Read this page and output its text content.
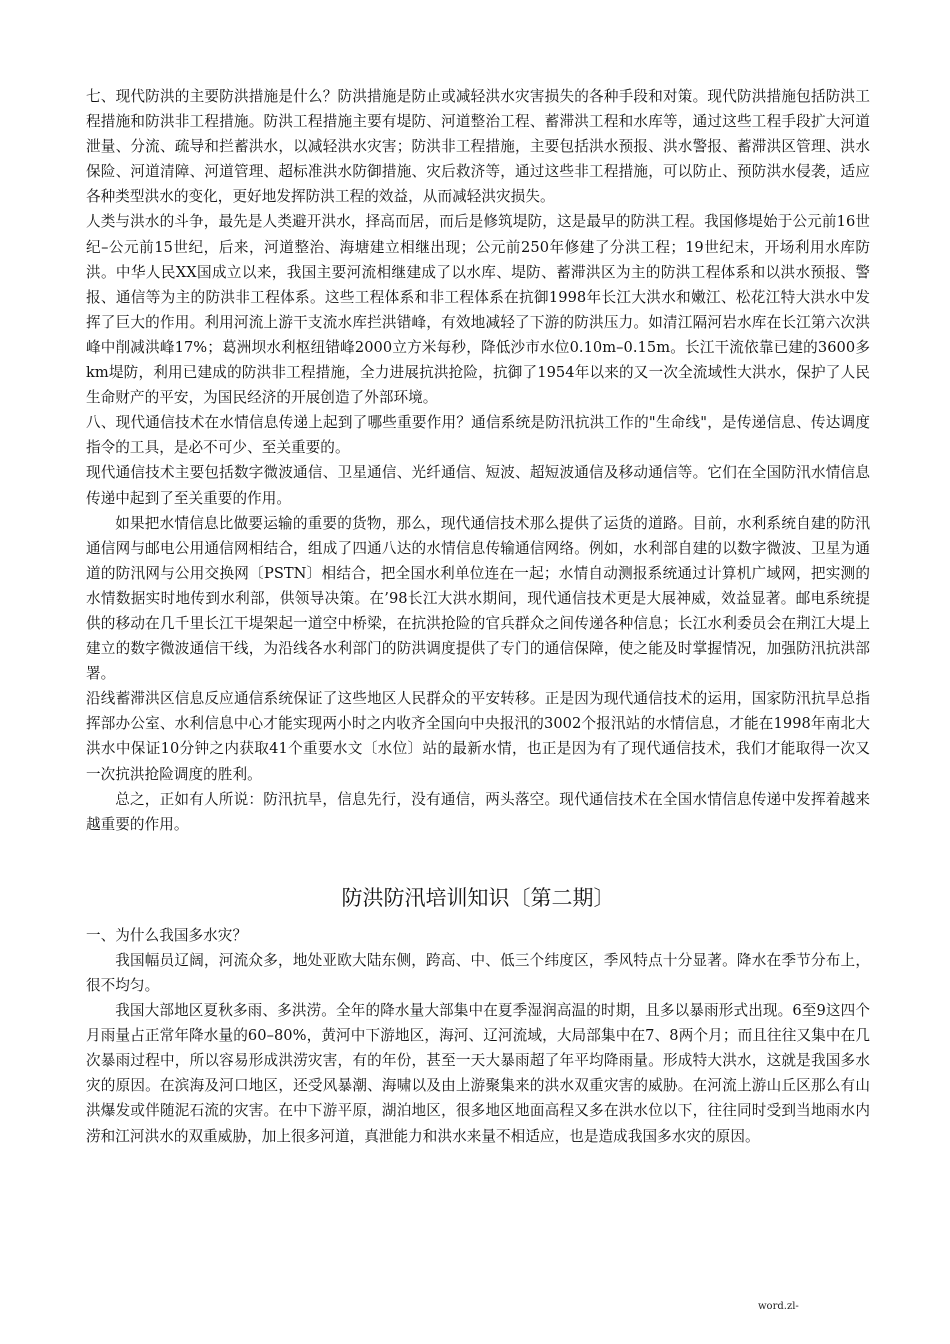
七、现代防洪的主要防洪措施是什么？防洪措施是防止或减轻洪水灾害损失的各种手段和对策。现代防洪措施包括防洪工程措施和防洪非工程措施。防洪工程措施主要有堤防、河道整治工程、蓄滞洪工程和水库等，通过这些工程手段扩大河道泄量、分流、疏导和拦蓄洪水，以减轻洪水灾害；防洪非工程措施，主要包括洪水预报、洪水警报、蓄滞洪区管理、洪水保险、河道清障、河道管理、超标准洪水防御措施、灾后救济等，通过这些非工程措施，可以防止、预防洪水侵袭，适应各种类型洪水的变化，更好地发挥防洪工程的效益，从而减轻洪灾损失。

人类与洪水的斗争，最先是人类避开洪水，择高而居，而后是修筑堤防，这是最早的防洪工程。我国修堤始于公元前16世纪–公元前15世纪，后来，河道整治、海塘建立相继出现；公元前250年修建了分洪工程；19世纪末，开场利用水库防洪。中华人民XX国成立以来，我国主要河流相继建成了以水库、堤防、蓄滞洪区为主的防洪工程体系和以洪水预报、警报、通信等为主的防洪非工程体系。这些工程体系和非工程体系在抗御1998年长江大洪水和嫩江、松花江特大洪水中发挥了巨大的作用。利用河流上游干支流水库拦洪错峰，有效地减轻了下游的防洪压力。如清江隔河岩水库在长江第六次洪峰中削减洪峰17%；葛洲坝水利枢纽错峰2000立方米每秒，降低沙市水位0.10m–0.15m。长江干流依靠已建的3600多km堤防，利用已建成的防洪非工程措施，全力进展抗洪抢险，抗御了1954年以来的又一次全流域性大洪水，保护了人民生命财产的平安，为国民经济的开展创造了外部环境。

八、现代通信技术在水情信息传递上起到了哪些重要作用？通信系统是防汛抗洪工作的"生命线"，是传递信息、传达调度指令的工具，是必不可少、至关重要的。

现代通信技术主要包括数字微波通信、卫星通信、光纤通信、短波、超短波通信及移动通信等。它们在全国防汛水情信息传递中起到了至关重要的作用。

如果把水情信息比做要运输的重要的货物，那么，现代通信技术那么提供了运货的道路。目前，水利系统自建的防汛通信网与邮电公用通信网相结合，组成了四通八达的水情信息传输通信网络。例如，水利部自建的以数字微波、卫星为通道的防汛网与公用交换网〔PSTN〕相结合，把全国水利单位连在一起；水情自动测报系统通过计算机广域网，把实测的水情数据实时地传到水利部，供领导决策。在’98长江大洪水期间，现代通信技术更是大展神威，效益显著。邮电系统提供的移动在几千里长江干堤架起一道空中桥梁，在抗洪抢险的官兵群众之间传递各种信息；长江水利委员会在荆江大堤上建立的数字微波通信干线，为沿线各水利部门的防洪调度提供了专门的通信保障，使之能及时掌握情况，加强防汛抗洪部署。

沿线蓄滞洪区信息反应通信系统保证了这些地区人民群众的平安转移。正是因为现代通信技术的运用，国家防汛抗旱总指挥部办公室、水利信息中心才能实现两小时之内收齐全国向中央报汛的3002个报汛站的水情信息，才能在1998年南北大洪水中保证10分钟之内获取41个重要水文〔水位〕站的最新水情，也正是因为有了现代通信技术，我们才能取得一次又一次抗洪抢险调度的胜利。

总之，正如有人所说：防汛抗旱，信息先行，没有通信，两头落空。现代通信技术在全国水情信息传递中发挥着越来越重要的作用。

防洪防汛培训知识〔第二期〕

一、为什么我国多水灾？

我国幅员辽阔，河流众多，地处亚欧大陆东侧，跨高、中、低三个纬度区，季风特点十分显著。降水在季节分布上，很不均匀。

我国大部地区夏秋多雨、多洪涝。全年的降水量大部集中在夏季湿润高温的时期，且多以暴雨形式出现。6至9这四个月雨量占正常年降水量的60–80%，黄河中下游地区，海河、辽河流域，大局部集中在7、8两个月；而且往往又集中在几次暴雨过程中，所以容易形成洪涝灾害，有的年份，甚至一天大暴雨超了年平均降雨量。形成特大洪水，这就是我国多水灾的原因。在滨海及河口地区，还受风暴潮、海啸以及由上游聚集来的洪水双重灾害的威胁。在河流上游山丘区那么有山洪爆发或伴随泥石流的灾害。在中下游平原，湖泊地区，很多地区地面高程又多在洪水位以下，往往同时受到当地雨水内涝和江河洪水的双重威胁，加上很多河道，真泄能力和洪水来量不相适应，也是造成我国多水灾的原因。

word.zl-
